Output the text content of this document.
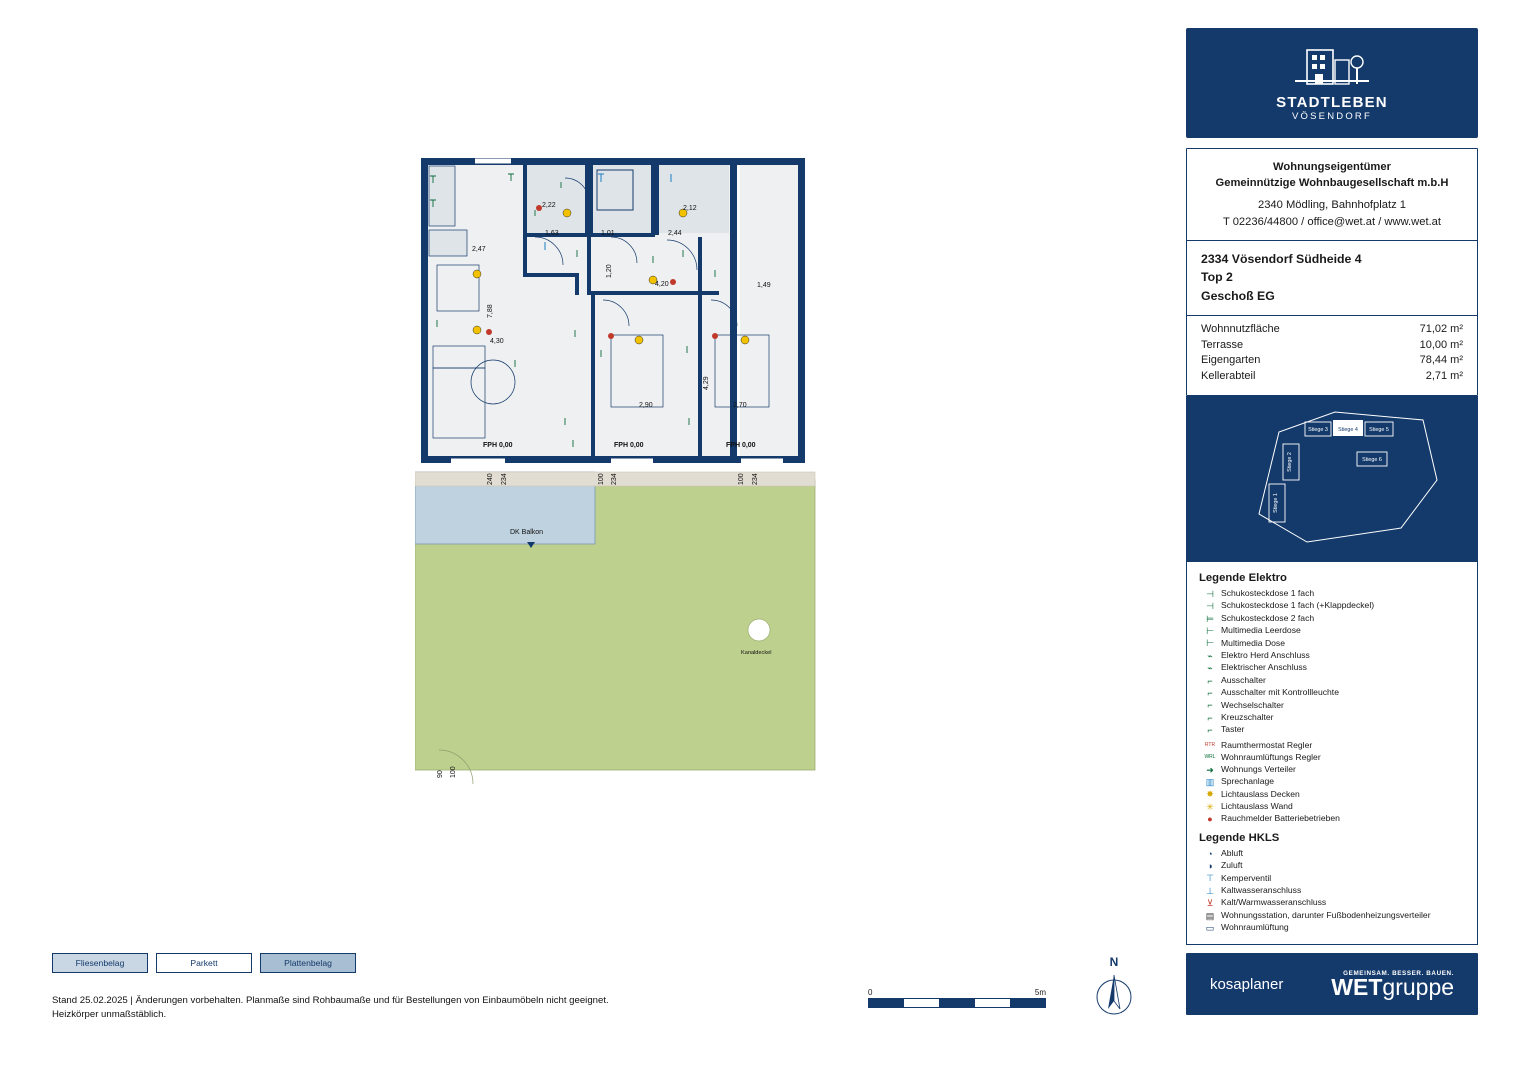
2,47
1,63	1,01	2,44
2,12
2,22
1,20
4,20	1,49
7,88
4,30
2,90	2,70
4,29
FPH 0,00	FPH 0,00	FPH 0,00
240 234	100 234	100 234
DK Balkon
Kanaldeckel
90 100
STADTLEBEN
VÖSENDORF
Wohnungseigentümer
Gemeinnützige Wohnbaugesellschaft m.b.H
2340 Mödling, Bahnhofplatz 1
T 02236/44800 / office@wet.at / www.wet.at
2334 Vösendorf Südheide 4
Top 2
Geschoß EG
Wohnnutzfläche	71,02 m²
Terrasse	10,00 m²
Eigengarten	78,44 m²
Kellerabteil	2,71 m²
Stiege 3 Stiege 4 Stiege 5
Stiege 6
Stiege 2
Stiege 1
Legende Elektro
⊣ Schukosteckdose 1 fach
⊣ Schukosteckdose 1 fach (+Klappdeckel)
⊨ Schukosteckdose 2 fach
⊢ Multimedia Leerdose
⊢ Multimedia Dose
⌁ Elektro Herd Anschluss
⌁ Elektrischer Anschluss
⌐ Ausschalter
⌐ Ausschalter mit Kontrollleuchte
⌐ Wechselschalter
⌐ Kreuzschalter
⌐ Taster
RTR Raumthermostat Regler
WRL Wohnraumlüftungs Regler
➜ Wohnungs Verteiler
▥ Sprechanlage
✸ Lichtauslass Decken
✳ Lichtauslass Wand
● Rauchmelder Batteriebetrieben
Legende HKLS
◔ Abluft
◑ Zuluft
⊤ Kemperventil
⊥ Kaltwasseranschluss
⊻ Kalt/Warmwasseranschluss
▤ Wohnungsstation, darunter Fußbodenheizungsverteiler
▭ Wohnraumlüftung
kosaplaner
GEMEINSAM. BESSER. BAUEN.
WETgruppe
Fliesenbelag	Parkett	Plattenbelag
Stand 25.02.2025 | Änderungen vorbehalten. Planmaße sind Rohbaumaße und für Bestellungen von Einbaumöbeln nicht geeignet.
Heizkörper unmaßstäblich.
0	5m
N
